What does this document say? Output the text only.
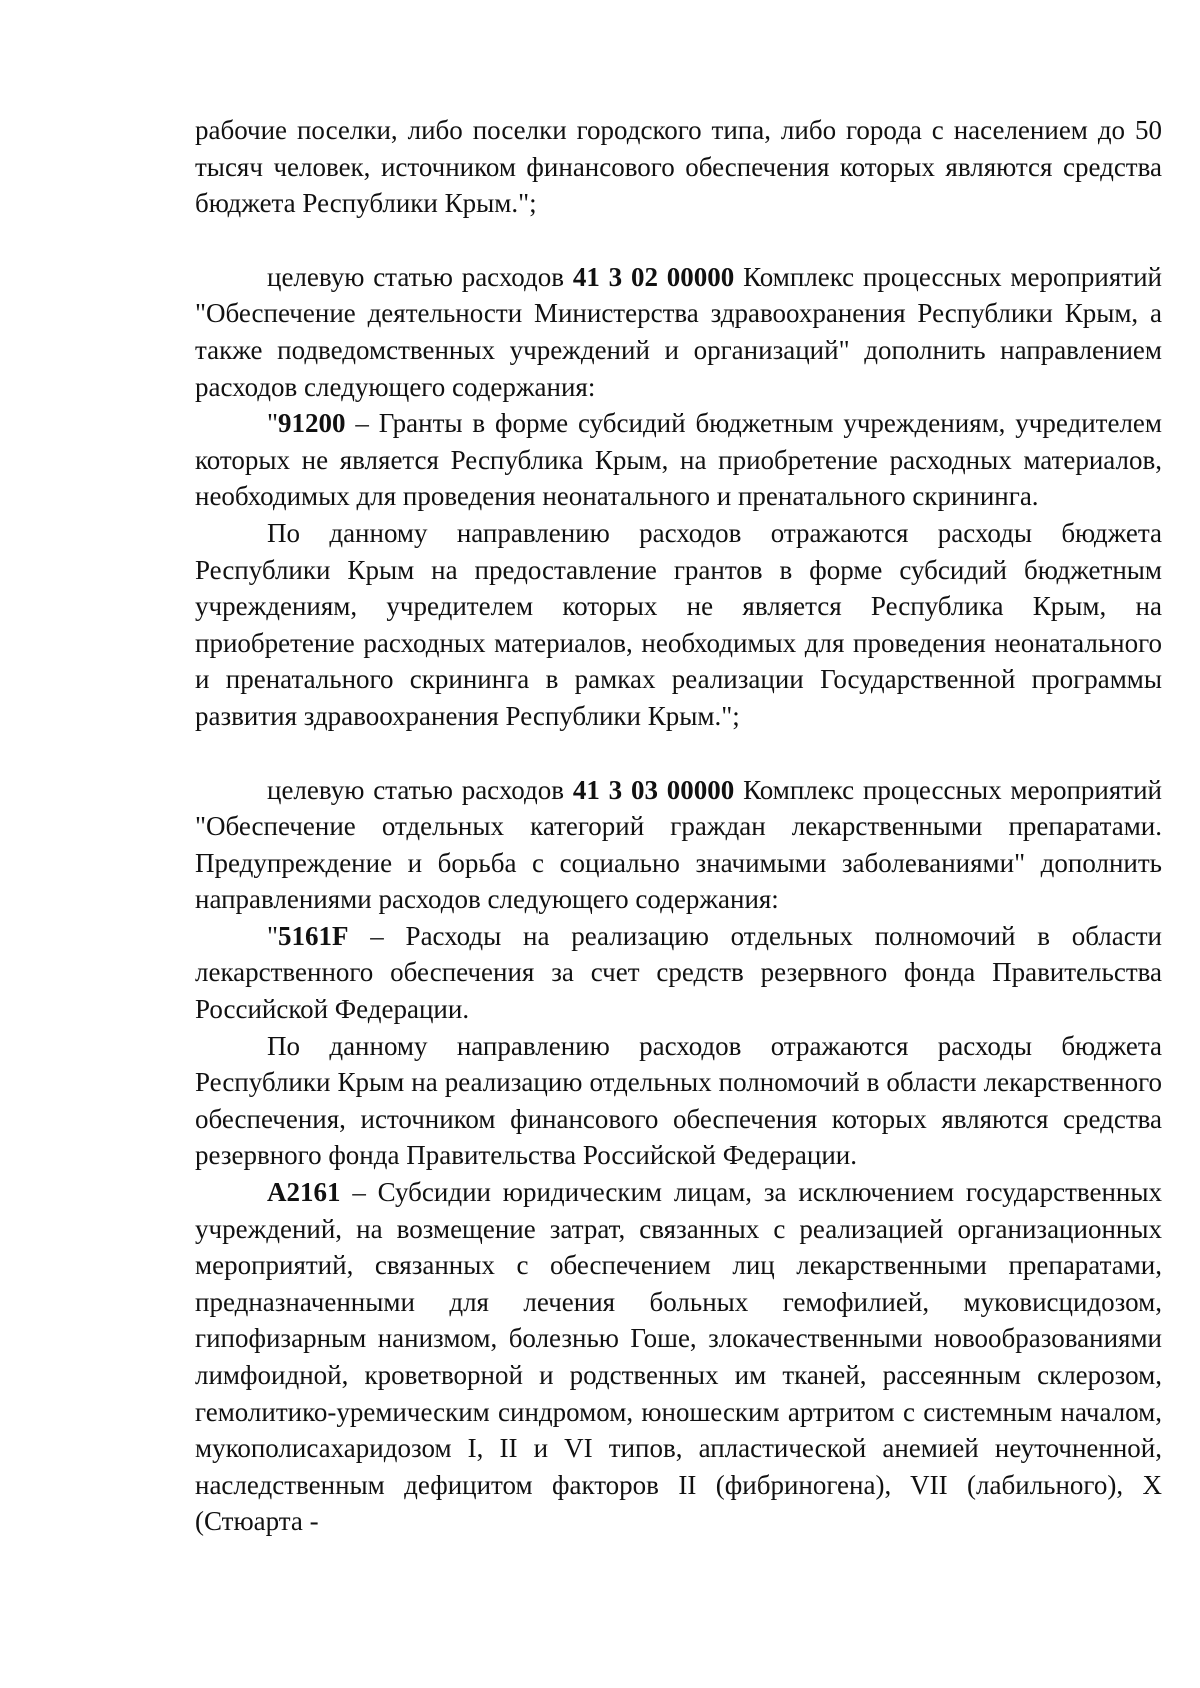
рабочие поселки, либо поселки городского типа, либо города с населением до 50 тысяч человек, источником финансового обеспечения которых являются средства бюджета Республики Крым.";

целевую статью расходов 41 3 02 00000 Комплекс процессных мероприятий "Обеспечение деятельности Министерства здравоохранения Республики Крым, а также подведомственных учреждений и организаций" дополнить направлением расходов следующего содержания:

"91200 – Гранты в форме субсидий бюджетным учреждениям, учредителем которых не является Республика Крым, на приобретение расходных материалов, необходимых для проведения неонатального и пренатального скрининга.

По данному направлению расходов отражаются расходы бюджета Республики Крым на предоставление грантов в форме субсидий бюджетным учреждениям, учредителем которых не является Республика Крым, на приобретение расходных материалов, необходимых для проведения неонатального и пренатального скрининга в рамках реализации Государственной программы развития здравоохранения Республики Крым.";

целевую статью расходов 41 3 03 00000 Комплекс процессных мероприятий "Обеспечение отдельных категорий граждан лекарственными препаратами. Предупреждение и борьба с социально значимыми заболеваниями" дополнить направлениями расходов следующего содержания:

"5161F – Расходы на реализацию отдельных полномочий в области лекарственного обеспечения за счет средств резервного фонда Правительства Российской Федерации.

По данному направлению расходов отражаются расходы бюджета Республики Крым на реализацию отдельных полномочий в области лекарственного обеспечения, источником финансового обеспечения которых являются средства резервного фонда Правительства Российской Федерации.

А2161 – Субсидии юридическим лицам, за исключением государственных учреждений, на возмещение затрат, связанных с реализацией организационных мероприятий, связанных с обеспечением лиц лекарственными препаратами, предназначенными для лечения больных гемофилией, муковисцидозом, гипофизарным нанизмом, болезнью Гоше, злокачественными новообразованиями лимфоидной, кроветворной и родственных им тканей, рассеянным склерозом, гемолитико-уремическим синдромом, юношеским артритом с системным началом, мукополисахаридозом I, II и VI типов, апластической анемией неуточненной, наследственным дефицитом факторов II (фибриногена), VII (лабильного), X (Стюарта -
